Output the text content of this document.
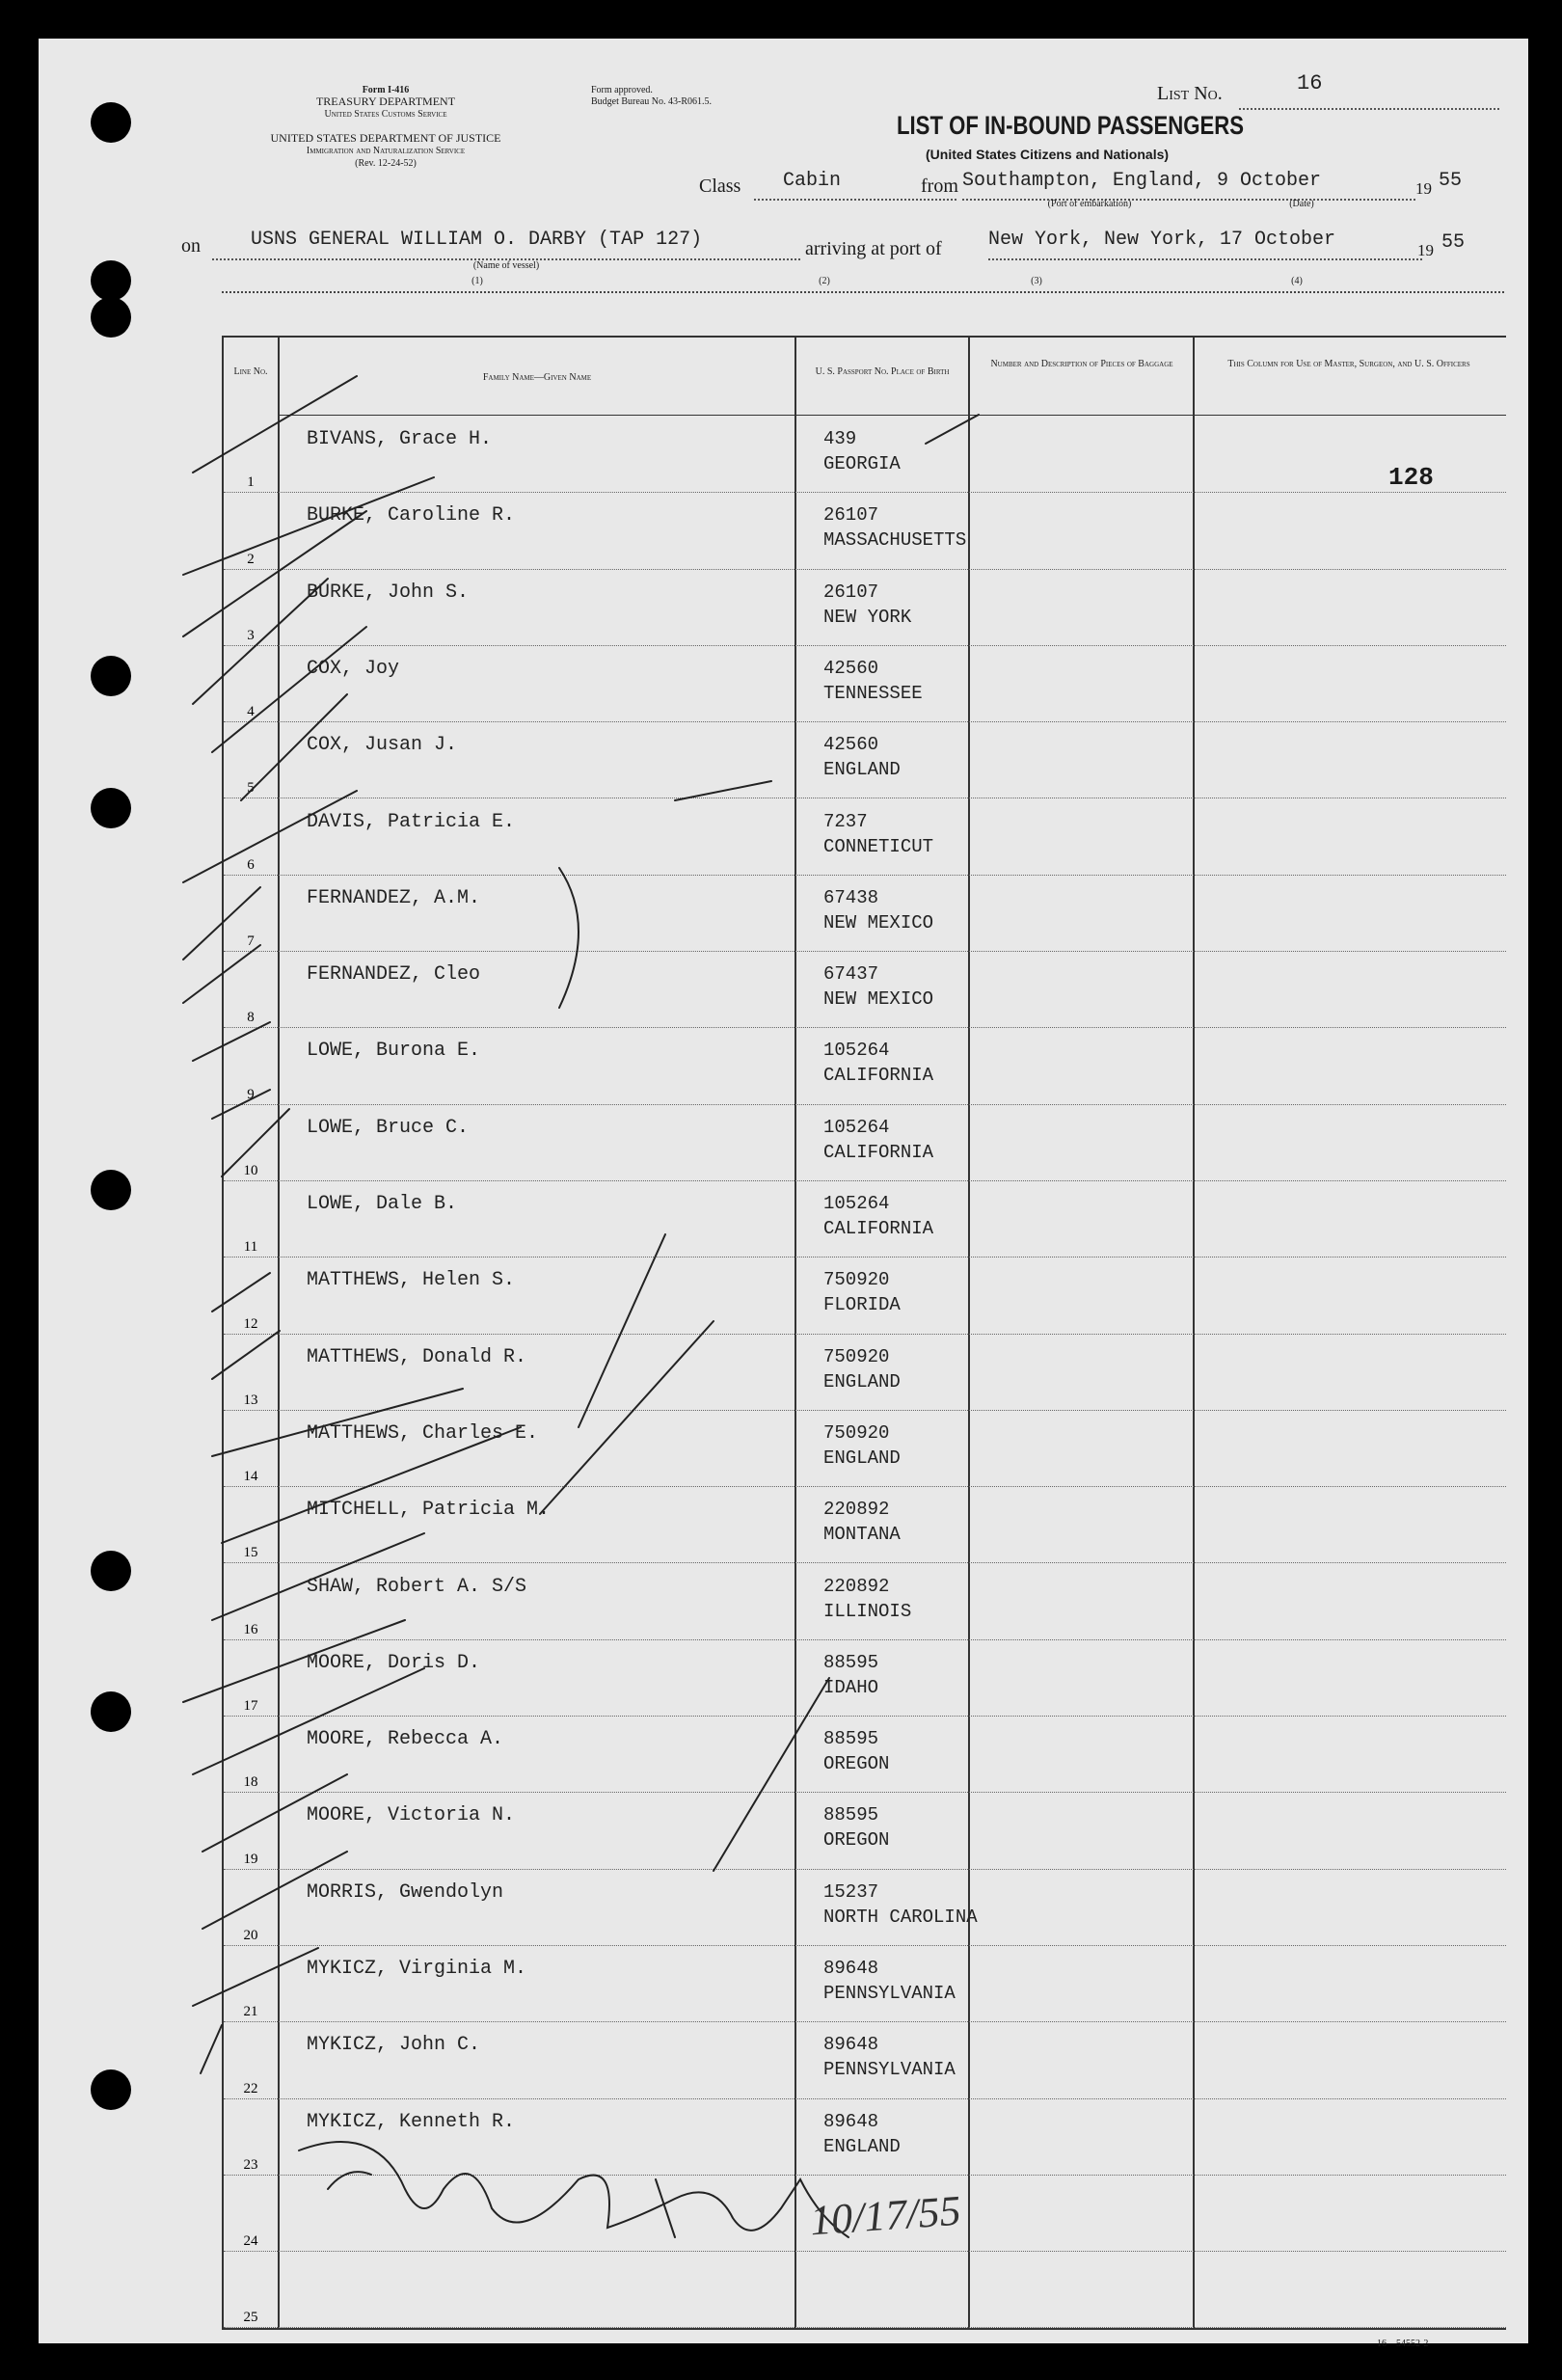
Form I-416
TREASURY DEPARTMENT
United States Customs Service
UNITED STATES DEPARTMENT OF JUSTICE
Immigration and Naturalization Service
(Rev. 12-24-52)
Form approved.
Budget Bureau No. 43-R061.5.	List No.	16
LIST OF IN-BOUND PASSENGERS
(United States Citizens and Nationals)
Class Cabin	from Southampton, England, 9 October	19 55
(Port of embarkation)	(Date)
on	USNS GENERAL WILLIAM O. DARBY (TAP 127)
(Name of vessel)
arriving at port of New York, New York, 17 October	19 55
(1)	(2)	(3)	(4)
Line No.
Family Name—Given Name
U. S. Passport No. Place of Birth
Number and Description of Pieces of Baggage	This Column for Use of Master, Surgeon, and U. S. Officers
1
BIVANS, Grace H.	439
GEORGIA
2
BURKE, Caroline R.	26107
MASSACHUSETTS
3
BURKE, John S.	26107
NEW YORK
4
COX, Joy	42560
TENNESSEE
5
COX, Jusan J.	42560
ENGLAND
6
DAVIS, Patricia E.	7237
CONNETICUT
7
FERNANDEZ, A.M.	67438
NEW MEXICO
8
FERNANDEZ, Cleo	67437
NEW MEXICO
9
LOWE, Burona E.	105264
CALIFORNIA
10
LOWE, Bruce C.	105264
CALIFORNIA
11
LOWE, Dale B.	105264
CALIFORNIA
12
MATTHEWS, Helen S.	750920
FLORIDA
13
MATTHEWS, Donald R.	750920
ENGLAND
14
MATTHEWS, Charles E.	750920
ENGLAND
15
MITCHELL, Patricia M.	220892
MONTANA
16
SHAW, Robert A. S/S	220892
ILLINOIS
17
MOORE, Doris D.	88595
IDAHO
18
MOORE, Rebecca A.	88595
OREGON
19
MOORE, Victoria N.	88595
OREGON
20
MORRIS, Gwendolyn	15237
NORTH CAROLINA
21
MYKICZ, Virginia M.	89648
PENNSYLVANIA
22
MYKICZ, John C.	89648
PENNSYLVANIA
23
MYKICZ, Kenneth R.	89648
ENGLAND
24
25
128
10/17/55
16—54552-2
